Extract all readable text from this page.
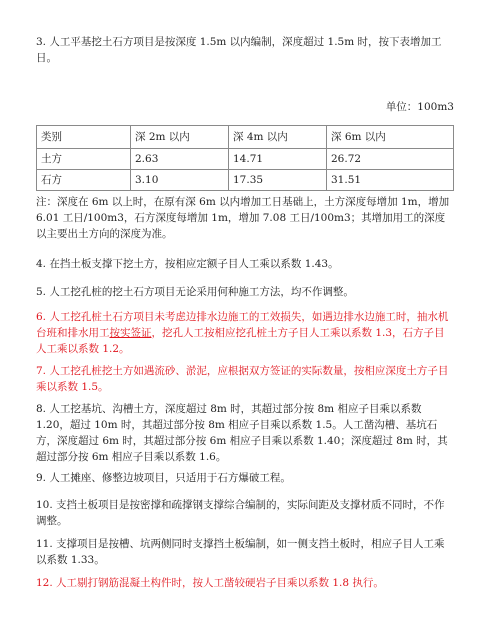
3. 人工平基挖土石方项目是按深度 1.5m 以内编制，深度超过 1.5m 时，按下表增加工日。

单位：100m3
类别	深 2m 以内	深 4m 以内	深 6m 以内
土方	2.63	14.71	26.72
石方	3.10	17.35	31.51

注：深度在 6m 以上时，在原有深 6m 以内增加工日基础上，土方深度每增加 1m，增加 6.01 工日/100m3，石方深度每增加 1m，增加 7.08 工日/100m3；其增加用工的深度以主要出土方向的深度为准。

4. 在挡土板支撑下挖土方，按相应定额子目人工乘以系数 1.43。

5. 人工挖孔桩的挖土石方项目无论采用何种施工方法，均不作调整。

6. 人工挖孔桩土石方项目未考虑边排水边施工的工效损失，如遇边排水边施工时，抽水机台班和排水用工按实签证，挖孔人工按相应挖孔桩土方子目人工乘以系数 1.3，石方子目人工乘以系数 1.2。

7. 人工挖孔桩挖土方如遇流砂、淤泥，应根据双方签证的实际数量，按相应深度土方子目乘以系数 1.5。

8. 人工挖基坑、沟槽土方，深度超过 8m 时，其超过部分按 8m 相应子目乘以系数 1.20，超过 10m 时，其超过部分按 8m 相应子目乘以系数 1.5。人工凿沟槽、基坑石方，深度超过 6m 时，其超过部分按 6m 相应子目乘以系数 1.40；深度超过 8m 时，其超过部分按 6m 相应子目乘以系数 1.6。

9. 人工摊座、修整边坡项目，只适用于石方爆破工程。

10. 支挡土板项目是按密撑和疏撑钢支撑综合编制的，实际间距及支撑材质不同时，不作调整。

11. 支撑项目是按槽、坑两侧同时支撑挡土板编制，如一侧支挡土板时，相应子目人工乘以系数 1.33。

12. 人工剔打钢筋混凝土构件时，按人工凿较硬岩子目乘以系数 1.8 执行。
